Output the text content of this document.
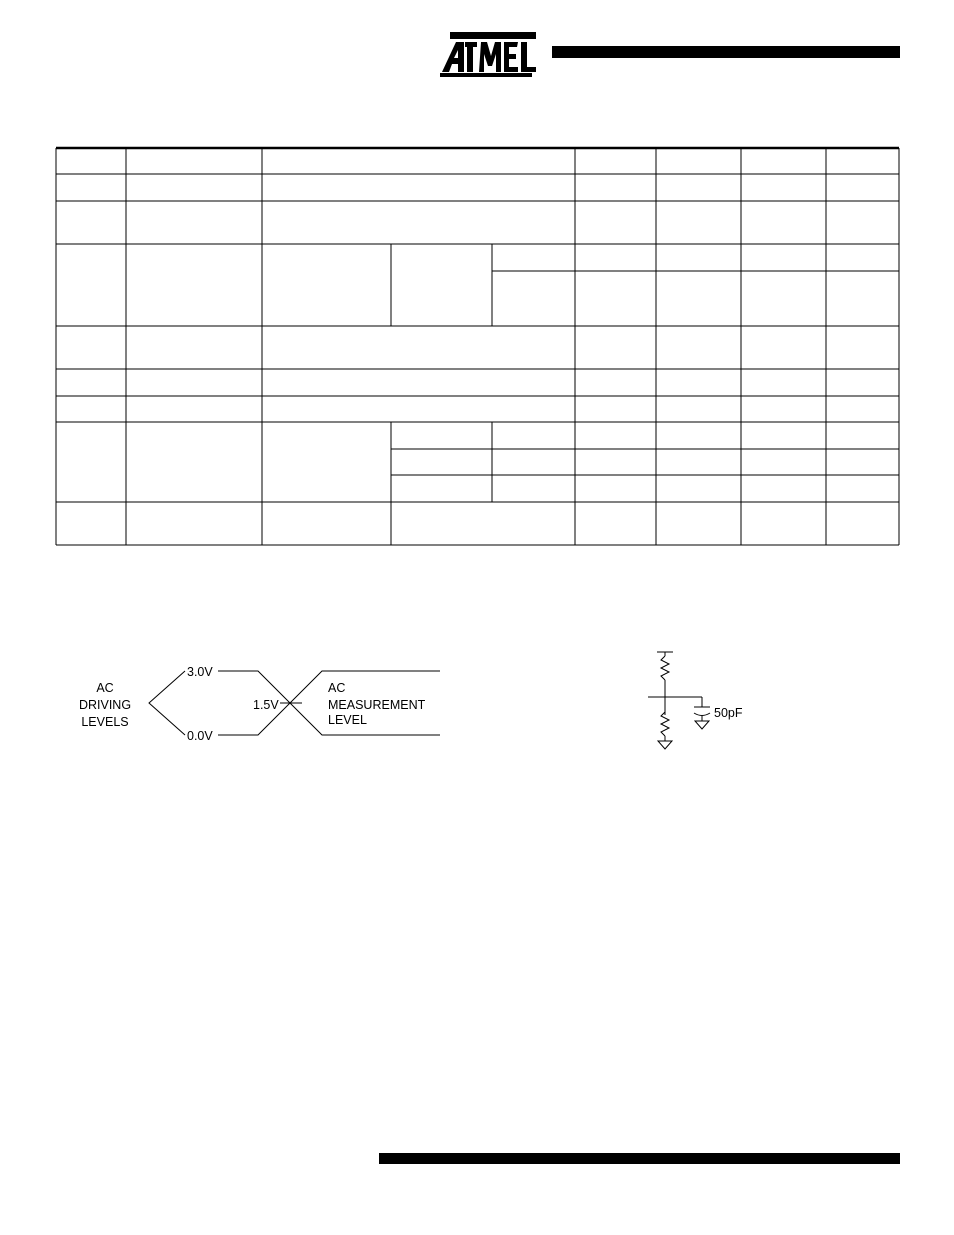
AC
DRIVING
LEVELS
3.0V
0.0V
1.5V
AC
MEASUREMENT
LEVEL	50pF
